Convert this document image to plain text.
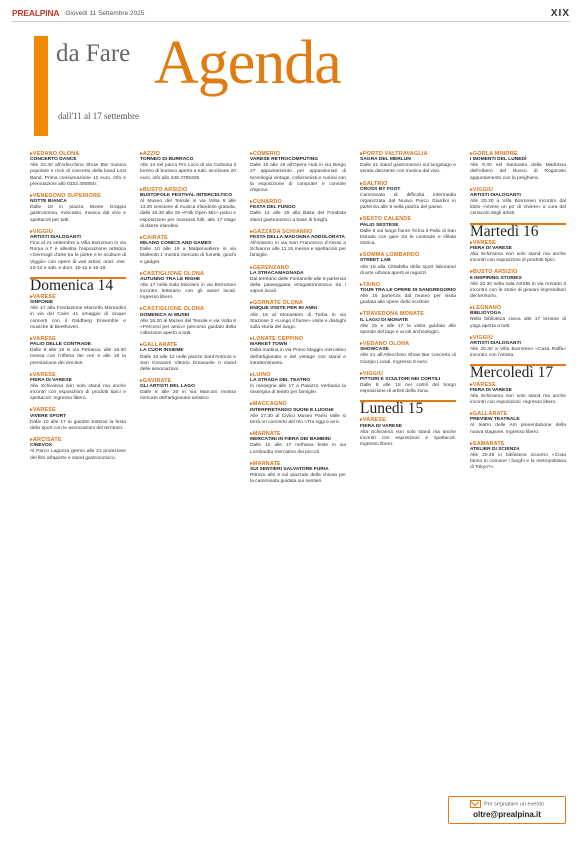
PREALPINA Giovedì 11 Settembre 2025	XIX
da Fare Agenda
dall'11 al 17 settembre
▸ VEDANO OLONA
CONCERTO DANCE
Alle 22.30 all'Arlecchino Show Bar musica popolare e rock di concerto della band Lost Band. Prima consumazione 12 euro. Info e prenotazioni allo 0332.400850.
▸ VENEGONO SUPERIORE
NOTTE BIANCA
Dalle 19 in piazza Monte Grappa gastronomia, mercatini, musica dal vivo e spettacoli per tutti.
▸ VIGGIÙ
ARTISTI DIALOGANTI
Fino al 21 settembre a Villa Borromeo in via Roma n.7 è allestita l'esposizione artistica «Germogli d'arte tra le pietre e le sculture di Viggiù» con opere di vari artisti; orari: mer. 10-12 e sab. e dom. 10-12 e 16-18.
Domenica 14
▸ VARESE
SINFONIE
Alle 17 alla Fondazione Marcello Morandini in via del Cairo 41 omaggio di cinque concerti con il Goldberg Ensemble e musiche di Beethoven.
▸ VARESE
PALIO DELLE CONTRADE
Dalle 9 alle 19 in via Petrarca, alle 16.30 messa con l'offerta dei ceri e alle 18 la premiazione dei vincitori.
▸ VARESE
FIERA DI VARESE
Alla Schiranna non solo stand ma anche incontri con esposizioni di prodotti tipici e spettacoli. Ingresso libero.
▸ VARESE
VIVERE SPORT
Dalle 10 alle 17 ai giardini Estensi la festa dello sport con le associazioni del territorio.
▸ ARCISATE
CINEVOX
Al Parco Lagozza gremo alle 21 proiezione del film all'aperto e stand gastronomico.
▸ AZZIO
TORNEO DI BURRACO
Alle 14 nel parco Pro Loco di via Carbona il torneo di burraco aperto a tutti. Iscrizione 20 euro, info allo 348.4765325.
▸ BUSTO ARSIZIO
BUSTOFOLK FESTIVAL INTERCELTICO
Al Museo del Tessile in via Volta 6 alle 13.30 sessione di musica irlandese gratuita, dalle 16.30 alle 19 «Folk Open Mic» palco e esposizione per musicisti folk, alle 17 stage di danze irlandesi.
▸ CAIRATE
MILANO COMICS AND GAMES
Dalle 10 alle 19 a Malpensafiere in via Matteotti 1 mostra mercato di fumetti, giochi e gadget.
▸ CASTIGLIONE OLONA
AUTUNNO TRA LE RIGHE
Alle 17 nella Sala Morosini in via Borromeo incontro letterario con gli autori locali. Ingresso libero.
▸ CASTIGLIONE OLONA
DOMENICA AI MUSEI
Alle 16.30 al Museo del Tessile e via Volta 6 «Percorsi per amici» percorso guidato della collezione aperto a tutti.
▸ GALLARATE
LA CUOR INSIEME
Dalle 10 alle 12 nelle piazze Sant'Antonio e San Giovanni Vittorio Emanuele II stand delle associazioni.
▸ GAVIRATE
GLI ARTISTI DEL LAGO
Dalle 8 alle 20 in via Marconi mostra mercato dell'artigianato artistico.
▸ COMERIO
VARESE RETROCOMPUTING
Dalle 10 alle 19 all'Opera Hub in via Bergo 27 appuntamento per appassionati di tecnologia vintage, collezionisti e curiosi con la esposizione di computer e console d'epoca.
▸ CUNARDO
FESTA DEL FUNGO
Dalle 12 alle 19 alla Baita del Fondista stand gastronomici a base di funghi.
▸ GAZZADA SCHIANNO
FESTA DELLA MADONNA ADDOLORATA
All'oratorio in via San Francesco d'Assisi a Schianno alle 11.15 messa e spettacolo per famiglie.
▸ GERENZANO
LA STRACAMAGNADA
Dal territorio delle Fontanelle alle 9 partenza della passeggiata enogastronomica tra i sapori locali.
▸ GORNATE OLONA
ENIQUE VISITE PER 90 ANNI
Alle 15 al Monastero di Torba in via Stazione 2 «Lungo il fiume» visite e dialoghi sulla storia del luogo.
▸ LONATE CEPPINO
MARKET TOWN
Dalla mattina in via Primo Maggio mercatino dell'artigianato e del vintage con stand e intrattenimento.
▸ LUINO
LA STRADA DEL TEATRO
In rassegna alle 17 a Palazzo Verbania la rassegna di teatro per famiglie.
▸ MACCAGNO
INTERPRETANDO SUONI E LUOGHI
Alle 17.30 al Civico Museo Parisi Valle si terrà un concerto del trio «Tra oggi e ieri».
▸ MARNATE
MERCATINI IN FIERA DEI BAMBINI
Dalle 10 alle 17 nell'area feste in via Lombardia mercatino dei piccoli.
▸ MARNATE
SUI SENTIERI SALVATORE FURIA
Ritrovo alle 8 sul piazzale della chiesa per la camminata guidata sui sentieri.
▸ PORTO VALTRAVAGLIA
SAGRA DEL MERLUN
Dalle 21 stand gastronomici sul lungolago e serata danzante con musica dal vivo.
▸ SALTRIO
CROSS BY FOOT
Camminata di difficoltà intermedia organizzata dal Nuovo Parco Giardini in partenza alle 9 nella piazza del paese.
▸ SESTO CALENDE
PALIO SESTESE
Dalle 9 sul lungo fiume Ticino il Palio di San Donato con gare tra le contrade e sfilata storica.
▸ SOMMA LOMBARDO
STREET LAB
Alle 15 alla Cittadella dello sport laboratori di arte urbana aperti ai ragazzi.
▸ TAINO
TOUR TRA LE OPERE DI SANGREGORIO
Alle 15 partenza dal museo per visita guidata alle opere dello scultore.
▸ TRAVEDONA MONATE
IL LAGO DI MONATE
Alle 15 e alle 17 la visita guidata alle sponde del lago e ai siti archeologici.
▸ VEDANO OLONA
SHOWCASE
Alle 21 all'Arlecchino Show Bar concerto di Giorgio Lovati. Ingresso 8 euro.
▸ VIGGIÙ
PITTORI E SCULTORI NEI CORTILI
Dalle 9 alle 18 nei cortili del borgo esposizione di artisti della zona.
Lunedì 15
▸ VARESE
FIERA DI VARESE
Alla Schiranna non solo stand ma anche incontri con esposizioni e spettacoli. Ingresso libero.
▸ GORLA MINORE
I MOMENTI DEL LUNEDÌ
Alle 9.30 nel Santuario della Madonna dell'Albero del Bosco di Rogorotto appuntamento con la preghiera.
▸ VIGGIÙ
ARTISTI DIALOGANTI
Alle 20.30 a Villa Borromeo incontro dal titolo «Vivere un po' di Viviere» a cura del cenacolo degli artisti.
Martedì 16
▸ VARESE
FIERA DI VARESE
Alla Schiranna non solo stand ma anche incontri con esposizioni di prodotti tipici.
▸ BUSTO ARSIZIO
6 INSPIRING STORIES
Alle 20.30 nella sala ASSBI in via Arnoldo 3 incontro con le storie di giovani imprenditori del territorio.
▸ LEGNANO
BIBLIOYOGA
Nella biblioteca civica alle 17 lezione di yoga aperta a tutti.
▸ VIGGIÙ
ARTISTI DIALOGANTI
Alle 20.30 a Villa Borromeo «Casa Raffa» incontro con l'artista.
Mercoledì 17
▸ VARESE
FIERA DI VARESE
Alla Schiranna non solo stand ma anche incontri con esposizioni. Ingresso libero.
▸ GALLARATE
PREVIEW TEATRALE
Al teatro delle Arti presentazione della nuova stagione. Ingresso libero.
▸ SAMARATE
ATELIER DI SCIENZA
Alle 20.45 in biblioteca incontro «Cosa fanno in comune i funghi e la metropolitana di Tokyo?».
Per segnalare un evento
oltre@prealpina.it
